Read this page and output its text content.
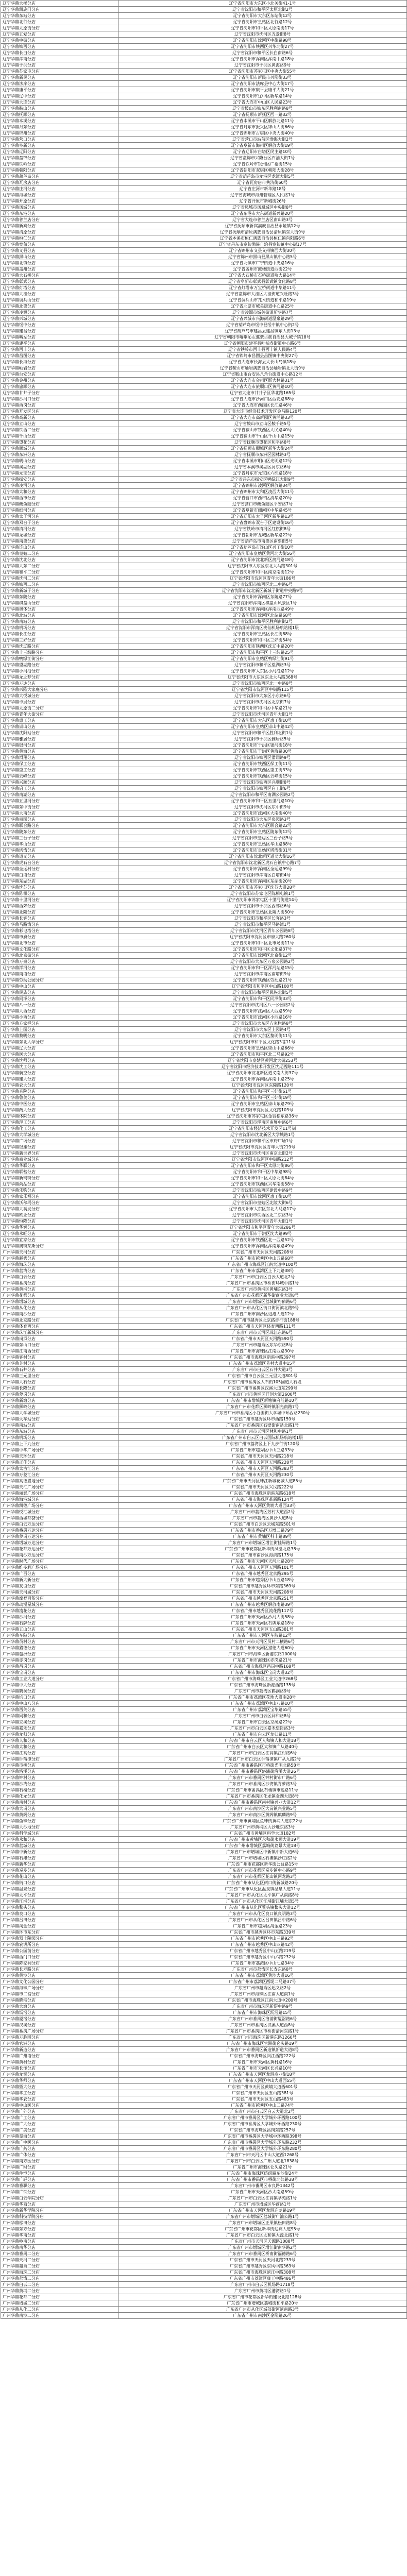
辽宁华鼎大楼分店	辽宁省沈阳市大东区小北关街41-1号
辽宁华鼎凯旋门分店	辽宁省沈阳市和平区太原北街2号
辽宁华鼎东站分店	辽宁省沈阳市大东区东站街12号
辽宁华鼎北行分店	辽宁省沈阳市皇姑区北行路12号
辽宁华鼎太原街分店	辽宁省沈阳市和平区太原南街17号
辽宁华鼎五爱分店	辽宁省沈阳市沈河区五爱街8号
辽宁华鼎中街分店	辽宁省沈阳市沈河区中街路98号
辽宁华鼎铁西分店	辽宁省沈阳市铁西区兴华北街27号
辽宁华鼎长白分店	辽宁省沈阳市和平区长白南路6号
辽宁华鼎浑南分店	辽宁省沈阳市浑南区浑南中路18号
辽宁华鼎于洪分店	辽宁省沈阳市于洪区黄海路9号
辽宁华鼎苏家屯分店	辽宁省沈阳市苏家屯区中央大街55号
辽宁华鼎新民分店	辽宁省沈阳市新民市兴隆街33号
辽宁华鼎法库分店	辽宁省沈阳市法库县中心大街17号
辽宁华鼎康平分店	辽宁省沈阳市康平县康平大街21号
辽宁华鼎辽中分店	辽宁省沈阳市辽中区新华路14号
辽宁华鼎大连分店	辽宁省大连市中山区人民路23号
辽宁华鼎鞍山分店	辽宁省鞍山市铁东区胜利南路8号
辽宁华鼎抚顺分店	辽宁省抚顺市新抚区西一路32号
辽宁华鼎本溪分店	辽宁省本溪市平山区解放北路11号
辽宁华鼎丹东分店	辽宁省丹东市振兴区锦山大街66号
辽宁华鼎锦州分店	辽宁省锦州市古塔区中央大街40号
辽宁华鼎营口分店	辽宁省营口市站前区渤海大街2号
辽宁华鼎阜新分店	辽宁省阜新市海州区解放大街19号
辽宁华鼎辽阳分店	辽宁省辽阳市白塔区民主路10号
辽宁华鼎盘锦分店	辽宁省盘锦市兴隆台区石油大街7号
辽宁华鼎铁岭分店	辽宁省铁岭市银州区广裕街15号
辽宁华鼎朝阳分店	辽宁省朝阳市双塔区朝阳大街28号
辽宁华鼎葫芦岛分店	辽宁省葫芦岛市龙港区龙湾大街5号
辽宁华鼎瓦房店分店	辽宁省瓦房店市共济街60号
辽宁华鼎庄河分店	辽宁省庄河市新华路18号
辽宁华鼎海城分店	辽宁省海城市海州管理区人民路1号
辽宁华鼎开原分店	辽宁省开原市新城街26号
辽宁华鼎凤城分店	辽宁省凤城市凤凰城区中央街8号
辽宁华鼎东港分店	辽宁省东港市大东街道新兴路20号
辽宁华鼎普兰店分店	辽宁省大连市普兰店区南山路3号
辽宁华鼎新宾分店	辽宁省抚顺市新宾满族自治县永陵镇12号
辽宁华鼎清原分店	辽宁省抚顺市清原满族自治县清原镇东大街9号
辽宁华鼎桓仁分店	辽宁省本溪市桓仁满族自治县桓仁镇向阳路6号
辽宁华鼎宽甸分店	辽宁省丹东市宽甸满族自治县宽甸镇中心街17号
辽宁华鼎义县分店	辽宁省锦州市义县义州镇西大街30号
辽宁华鼎黑山分店	辽宁省锦州市黑山县黑山镇中心路5号
辽宁华鼎北镇分店	辽宁省北镇市广宁街道中央路16号
辽宁华鼎盖州分店	辽宁省盖州市鼓楼街道西街22号
辽宁华鼎大石桥分店	辽宁省大石桥市石桥街道哈大路14号
辽宁华鼎彰武分店	辽宁省阜新市彰武县彰武镇文化路8号
辽宁华鼎灯塔分店	辽宁省灯塔市万宝桥街道中华路11号
辽宁华鼎大洼分店	辽宁省盘锦市大洼区大洼街道兴旺路3号
辽宁华鼎调兵山分店	辽宁省调兵山市兀术街道和平路19号
辽宁华鼎北票分店	辽宁省北票市城关街道中心路25号
辽宁华鼎凌源分店	辽宁省凌源市城关街道新华路7号
辽宁华鼎兴城分店	辽宁省兴城市兴海街道温泉路29号
辽宁华鼎绥中分店	辽宁省葫芦岛市绥中县绥中镇中心街2号
辽宁华鼎建昌分店	辽宁省葫芦岛市建昌县建昌镇东大街13号
辽宁华鼎喀左分店	辽宁省朝阳市喀喇沁左翼蒙古族自治县大城子镇18号
辽宁华鼎建平分店	辽宁省朝阳市建平县叶柏寿街道中心路6号
辽宁华鼎西丰分店	辽宁省铁岭市西丰县西丰镇人民路4号
辽宁华鼎昌图分店	辽宁省铁岭市昌图县昌图镇中央街27号
辽宁华鼎长海分店	辽宁省大连市长海县大长山岛镇18号
辽宁华鼎岫岩分店	辽宁省鞍山市岫岩满族自治县岫岩镇北大街9号
辽宁华鼎台安分店	辽宁省鞍山市台安县八角台街道中心路12号
辽宁华鼎金州分店	辽宁省大连市金州区斯大林路31号
辽宁华鼎旅顺分店	辽宁省大连市旅顺口区黄河路10号
辽宁华鼎甘井子分店	辽宁省大连市甘井子区华北路165号
辽宁华鼎沙河口分店	辽宁省大连市沙河口区西安路88号
辽宁华鼎西岗分店	辽宁省大连市西岗区长江路46号
辽宁华鼎开发区分店	辽宁省大连市经济技术开发区金马路120号
辽宁华鼎高新分店	辽宁省大连市高新园区黄浦路33号
辽宁华鼎立山分店	辽宁省鞍山市立山区鞍千路5号
辽宁华鼎铁西二分店	辽宁省鞍山市铁西区人民路40号
辽宁华鼎千山分店	辽宁省鞍山市千山区千山中路15号
辽宁华鼎望花分店	辽宁省抚顺市望花区和平路8号
辽宁华鼎顺城分店	辽宁省抚顺市顺城区新华大街24号
辽宁华鼎东洲分店	辽宁省抚顺市东洲区园林路3号
辽宁华鼎明山分店	辽宁省本溪市明山区光明路12号
辽宁华鼎溪湖分店	辽宁省本溪市溪湖区河东路6号
辽宁华鼎元宝分店	辽宁省丹东市元宝区六纬路18号
辽宁华鼎振安分店	辽宁省丹东市振安区鸭绿江大街9号
辽宁华鼎凌河分店	辽宁省锦州市凌河区解放路34号
辽宁华鼎太和分店	辽宁省锦州市太和区凌西大街11号
辽宁华鼎西市分店	辽宁省营口市西市区清华路20号
辽宁华鼎鲅鱼圈分店	辽宁省营口市鲅鱼圈区平安路7号
辽宁华鼎细河分店	辽宁省阜新市细河区中华路45号
辽宁华鼎太子河分店	辽宁省辽阳市太子河区新华路13号
辽宁华鼎双台子分店	辽宁省盘锦市双台子区建设街16号
辽宁华鼎清河分店	辽宁省铁岭市清河区红旗街8号
辽宁华鼎龙城分店	辽宁省朝阳市龙城区新华路22号
辽宁华鼎南票分店	辽宁省葫芦岛市南票区南票街5号
辽宁华鼎连山分店	辽宁省葫芦岛市连山区兴工街10号
辽宁华鼎皇姑二分店	辽宁省沈阳市皇姑区黄河北大街56号
辽宁华鼎沈北分店	辽宁省沈阳市沈北新区蒲河路18号
辽宁华鼎大东二分店	辽宁省沈阳市大东区东北大马路301号
辽宁华鼎和平二分店	辽宁省沈阳市和平区南京南街12号
辽宁华鼎沈河二分店	辽宁省沈阳市沈河区青年大街186号
辽宁华鼎铁西二分店	辽宁省沈阳市铁西区北二中路6号
辽宁华鼎新城子分店	辽宁省沈阳市沈北新区新城子街道中央路9号
辽宁华鼎东陵分店	辽宁省沈阳市浑南区东陵路77号
辽宁华鼎棋盘山分店	辽宁省沈阳市浑南区棋盘山风景区1号
辽宁华鼎奥体分店	辽宁省沈阳市浑南区浑南西路49号
辽宁华鼎北站分店	辽宁省沈阳市沈河区北站路68号
辽宁华鼎南站分店	辽宁省沈阳市和平区胜利南街2号
辽宁华鼎机场分店	辽宁省沈阳市浑南区桃仙机场航站楼1层
辽宁华鼎长江分店	辽宁省沈阳市皇姑区长江街88号
辽宁华鼎三好分店	辽宁省沈阳市和平区三好街54号
辽宁华鼎沈辽路分店	辽宁省沈阳市铁西区沈辽中路20号
辽宁华鼎十三纬路分店	辽宁省沈阳市和平区十三纬路25号
辽宁华鼎鸭绿江街分店	辽宁省沈阳市皇姑区鸭绿江街91号
辽宁华鼎望湖路分店	辽宁省沈阳市和平区望湖路3号
辽宁华鼎小河沿分店	辽宁省沈阳市大东区小河沿路12号
辽宁华鼎龙之梦分店	辽宁省沈阳市大东区东北大马路368号
辽宁华鼎万达分店	辽宁省沈阳市铁西区北一中路8号
辽宁华鼎兴隆大家庭分店	辽宁省沈阳市沈河区中街路115号
辽宁华鼎大悦城分店	辽宁省沈阳市大东区小东路6号
辽宁华鼎卓展分店	辽宁省沈阳市沈河区北京街7号
辽宁华鼎太原街二分店	辽宁省沈阳市和平区中华路21号
辽宁华鼎青年大街分店	辽宁省沈阳市沈河区青年大街1号
辽宁华鼎惠工分店	辽宁省沈阳市大东区惠工街10号
辽宁华鼎崇山分店	辽宁省沈阳市皇姑区崇山中路42号
辽宁华鼎沈阳站分店	辽宁省沈阳市和平区胜利北街1号
辽宁华鼎雅居分店	辽宁省沈阳市于洪区雅居路5号
辽宁华鼎银河分店	辽宁省沈阳市于洪区银河街18号
辽宁华鼎黄海分店	辽宁省沈阳市于洪区黄海路30号
辽宁华鼎滑翔分店	辽宁省沈阳市铁西区滑翔路9号
辽宁华鼎保工分店	辽宁省沈阳市铁西区保工街11号
辽宁华鼎重工分店	辽宁省沈阳市铁西区重工街33号
辽宁华鼎云峰分店	辽宁省沈阳市铁西区云峰街15号
辽宁华鼎兴顺分店	辽宁省沈阳市铁西区兴顺街8号
辽宁华鼎启工分店	辽宁省沈阳市铁西区启工街6号
辽宁华鼎南湖分店	辽宁省沈阳市和平区南湖公园路2号
辽宁华鼎五里河分店	辽宁省沈阳市和平区五里河路10号
辽宁华鼎东中街分店	辽宁省沈阳市沈河区东中街9号
辽宁华鼎大南分店	辽宁省沈阳市沈河区大南街40号
辽宁华鼎泉园分店	辽宁省沈阳市大东区泉园路3号
辽宁华鼎联合路分店	辽宁省沈阳市大东区联合路22号
辽宁华鼎陵东分店	辽宁省沈阳市皇姑区陵东街12号
辽宁华鼎三台子分店	辽宁省沈阳市皇姑区三台子路5号
辽宁华鼎华山分店	辽宁省沈阳市皇姑区华山路88号
辽宁华鼎塔湾分店	辽宁省沈阳市皇姑区塔湾街31号
辽宁华鼎道义分店	辽宁省沈阳市沈北新区道义大街16号
辽宁华鼎虎石台分店	辽宁省沈阳市沈北新区虎石台镇中心路7号
辽宁华鼎全运村分店	辽宁省沈阳市浑南区全运路99号
辽宁华鼎白塔分店	辽宁省沈阳市浑南区白塔街4号
辽宁华鼎东湖分店	辽宁省沈阳市浑南区东湖街20号
辽宁华鼎沈苏分店	辽宁省沈阳市苏家屯区沈苏大道28号
辽宁华鼎陈相分店	辽宁省沈阳市苏家屯区陈相屯镇1号
辽宁华鼎十里河分店	辽宁省沈阳市苏家屯区十里河街道14号
辽宁华鼎西郊分店	辽宁省沈阳市于洪区西郊路6号
辽宁华鼎北陵分店	辽宁省沈阳市皇姑区北陵大街50号
辽宁华鼎长客分店	辽宁省沈阳市和平区长客路3号
辽宁华鼎马路湾分店	辽宁省沈阳市和平区马路湾1号
辽宁华鼎彩电塔分店	辽宁省沈阳市沈河区青年公园路8号
辽宁华鼎市府分店	辽宁省沈阳市沈河区市府大路260号
辽宁华鼎北市分店	辽宁省沈阳市和平区北市场街11号
辽宁华鼎文化路分店	辽宁省沈阳市和平区文化路37号
辽宁华鼎北京街分店	辽宁省沈阳市沈河区北京街12号
辽宁华鼎万泉分店	辽宁省沈阳市大东区万泉公园路2号
辽宁华鼎浑河分店	辽宁省沈阳市和平区浑河站路15号
辽宁华鼎南塔分店	辽宁省沈阳市浑南区南塔街9号
辽宁华鼎劳动公园分店	辽宁省沈阳市铁西区劳动路21号
辽宁华鼎中山分店	辽宁省沈阳市和平区中山路100号
辽宁华鼎民族分店	辽宁省沈阳市和平区民族北街5号
辽宁华鼎同泽分店	辽宁省沈阳市和平区同泽街33号
辽宁华鼎八一分店	辽宁省沈阳市沈河区八一公园路2号
辽宁华鼎大西分店	辽宁省沈阳市沈河区大西路59号
辽宁华鼎小西分店	辽宁省沈阳市沈河区小西路16号
辽宁华鼎方家栏分店	辽宁省沈阳市大东区方家栏路8号
辽宁华鼎上园分店	辽宁省沈阳市大东区上园路4号
辽宁华鼎黎明分店	辽宁省沈阳市大东区黎明街11号
辽宁华鼎东北大学分店	辽宁省沈阳市和平区文化路3巷11号
辽宁华鼎辽大分店	辽宁省沈阳市皇姑区崇山中路66号
辽宁华鼎医大分店	辽宁省沈阳市和平区北二马路92号
辽宁华鼎沈师分店	辽宁省沈阳市皇姑区黄河北大街253号
辽宁华鼎沈工分店	辽宁省沈阳市经济技术开发区沈辽西路111号
辽宁华鼎航空分店	辽宁省沈阳市沈北新区道义南大街37号
辽宁华鼎建大分店	辽宁省沈阳市浑南区浑南中路25号
辽宁华鼎农大分店	辽宁省沈阳市沈河区东陵路120号
辽宁华鼎音院分店	辽宁省沈阳市和平区三好街61号
辽宁华鼎鲁美分店	辽宁省沈阳市和平区三好街19号
辽宁华鼎中医分店	辽宁省沈阳市皇姑区崇山东路79号
辽宁华鼎药大分店	辽宁省沈阳市沈河区文化路103号
辽宁华鼎体院分店	辽宁省沈阳市苏家屯区金钱松东路36号
辽宁华鼎理工分店	辽宁省沈阳市浑南区南屏中路6号
辽宁华鼎化工分店	辽宁省沈阳市经济技术开发区11号街
辽宁华鼎大学城分店	辽宁省沈阳市沈北新区大学城路1号
辽宁华鼎广场分店	辽宁省沈阳市和平区市府广场1号
辽宁华鼎银座分店	辽宁省沈阳市沈河区青年大街219号
辽宁华鼎新世界分店	辽宁省沈阳市沈河区南京北街2号
辽宁华鼎商业城分店	辽宁省沈阳市沈河区中街路212号
辽宁华鼎华联分店	辽宁省沈阳市和平区太原北街86号
辽宁华鼎联营分店	辽宁省沈阳市和平区中华路98号
辽宁华鼎新玛特分店	辽宁省沈阳市和平区太原北街84号
辽宁华鼎尚品分店	辽宁省沈阳市铁西区兴华南街58号
辽宁华鼎乐购分店	辽宁省沈阳市铁西区建设中路9号
辽宁华鼎家乐福分店	辽宁省沈阳市沈河区惠工街10号
辽宁华鼎沃尔玛分店	辽宁省沈阳市皇姑区北陵大街6号
辽宁华鼎大润发分店	辽宁省沈阳市大东区东北大马路17号
辽宁华鼎欧亚分店	辽宁省沈阳市铁西区北二东路3号
辽宁华鼎恒隆分店	辽宁省沈阳市沈河区青年大街1号
辽宁华鼎华润分店	辽宁省沈阳市和平区青年大街286号
辽宁华鼎永旺分店	辽宁省沈阳市于洪区沈大路99号
辽宁华鼎宜家分店	辽宁省沈阳市铁西区北一西路52号
辽宁华鼎奥特莱斯分店	辽宁省沈阳市浑南区浑南东路49号
广州华鼎天河分店	广东省广州市天河区天河路208号
广州华鼎越秀分店	广东省广州市越秀区中山五路68号
广州华鼎海珠分店	广东省广州市海珠区江南大道中100号
广州华鼎荔湾分店	广东省广州市荔湾区上下九路38号
广州华鼎白云分店	广东省广州市白云区白云大道北2号
广州华鼎番禺分店	广东省广州市番禺区市桥街环城中路1号
广州华鼎黄埔分店	广东省广州市黄埔区黄埔东路3号
广州华鼎花都分店	广东省广州市花都区新华街商业大道8号
广州华鼎增城分店	广东省广州市增城区荔城街府佑路6号
广州华鼎从化分店	广东省广州市从化区街口街河滨北路9号
广州华鼎南沙分店	广东省广州市南沙区进港大道12号
广州华鼎北京路分店	广东省广州市越秀区北京路步行街188号
广州华鼎体育西分店	广东省广州市天河区体育西路111号
广州华鼎珠江新城分店	广东省广州市天河区珠江东路6号
广州华鼎岗顶分店	广东省广州市天河区天河路590号
广州华鼎东山口分店	广东省广州市越秀区东华东路8号
广州华鼎江南西分店	广东省广州市海珠区江南西路30号
广州华鼎客村分店	广东省广州市海珠区新港中路397号
广州华鼎芳村分店	广东省广州市荔湾区芳村大道中15号
广州华鼎石井分店	广东省广州市白云区石井大道3号
广州华鼎三元里分店	广东省广州市白云区三元里大道801号
广州华鼎大石分店	广东省广州市番禺区大石街105国道大石段
广州华鼎长隆分店	广东省广州市番禺区汉溪大道东299号
广州华鼎萝岗分店	广东省广州市黄埔区开创大道2600号
广州华鼎新塘分店	广东省广州市增城区新塘镇府前路10号
广州华鼎狮岭分店	广东省广州市花都区狮岭镇阳光南路7号
广州华鼎大学城分店	广东省广州市番禺区小谷围街大学城中环西路230号
广州华鼎火车站分店	广东省广州市越秀区环市西路159号
广州华鼎南站分店	广东省广州市番禺区石壁街南站北路1号
广州华鼎东站分店	广东省广州市天河区林和中路1号
广州华鼎机场分店	广东省广州市白云区白云国际机场航站楼1层
广州华鼎上下九分店	广东省广州市荔湾区上下九步行街120号
广州华鼎中华广场分店	广东省广州市越秀区中山三路33号
广州华鼎天环分店	广东省广州市天河区天河路218号
广州华鼎正佳分店	广东省广州市天河区天河路228号
广州华鼎太古汇分店	广东省广州市天河区天河路383号
广州华鼎万菱汇分店	广东省广州市天河区天河路230号
广州华鼎高德置地分店	广东省广州市天河区珠江新城花城大道85号
广州华鼎天汇广场分店	广东省广州市天河区兴民路222号
广州华鼎丽影广场分店	广东省广州市海珠区新港东路618号
广州华鼎海港城分店	广东省广州市海珠区革新路124号
广州华鼎凯德广场分店	广东省广州市天河区黄埔大道西33号
广州华鼎悦汇城分店	广东省广州市荔湾区芳村大道西2号
广州华鼎西城都荟分店	广东省广州市荔湾区黄沙大道8号
广州华鼎白云万达分店	广东省广州市白云区云城东路501号
广州华鼎番禺万达分店	广东省广州市番禺区万博二路79号
广州华鼎萝岗万达分店	广东省广州市黄埔区科丰路89号
广州华鼎增城万达分店	广东省广州市增城区增江街挂绿路1号
广州华鼎花都万达分店	广东省广州市花都区新华街凤凰北路38号
广州华鼎南沙万达分店	广东省广州市南沙区海滨路175号
广州华鼎时代广场分店	广东省广州市天河区天河北路28号
广州华鼎维多利广场分店	广东省广州市天河区天河路101号
广州华鼎广百分店	广东省广州市越秀区北京路295号
广州华鼎新大新分店	广东省广州市越秀区中山五路18号
广州华鼎友谊分店	广东省广州市越秀区环市东路369号
广州华鼎天河城分店	广东省广州市天河区天河路208号
广州华鼎摩登百货分店	广东省广州市越秀区北京路251号
广州华鼎动漫星城分店	广东省广州市越秀区解放南路39号
广州华鼎流花分店	广东省广州市越秀区流花路117号
广州华鼎沙河分店	广东省广州市天河区沙河大街58号
广州华鼎石牌分店	广东省广州市天河区石牌东路18号
广州华鼎五山分店	广东省广州市天河区五山路381号
广州华鼎车陂分店	广东省广州市天河区车陂路12号
广州华鼎员村分店	广东省广州市天河区员村二横路6号
广州华鼎猎德分店	广东省广州市天河区猎德大道60号
广州华鼎琶洲分店	广东省广州市海珠区新港东路1000号
广州华鼎赤岗分店	广东省广州市海珠区赤岗路21号
广州华鼎昌岗分店	广东省广州市海珠区昌岗中路168号
广州华鼎宝岗分店	广东省广州市海珠区宝岗大道32号
广州华鼎工业大道分店	广东省广州市海珠区工业大道中268号
广州华鼎中大分店	广东省广州市海珠区新港西路135号
广州华鼎鹤洞分店	广东省广州市荔湾区鹤洞路9号
广州华鼎坑口分店	广东省广州市荔湾区花地大道南28号
广州华鼎中山八分店	广东省广州市荔湾区中山八路10号
广州华鼎西关分店	广东省广州市荔湾区宝华路55号
广州华鼎同和分店	广东省广州市白云区同和路8号
广州华鼎京溪分店	广东省广州市白云区京溪路22号
广州华鼎嘉禾分店	广东省广州市白云区嘉禾望岗路3号
广州华鼎龙归分店	广东省广州市白云区龙归路11号
广州华鼎人和分店	广东省广州市白云区人和镇人和大道18号
广州华鼎太和分店	广东省广州市白云区太和镇广从路40号
广州华鼎江高分店	广东省广州市白云区江高镇江村路6号
广州华鼎钟落潭分店	广东省广州市白云区钟落潭镇广从九路2号
广州华鼎市桥分店	广东省广州市番禺区市桥街光明北路58号
广州华鼎洛溪分店	广东省广州市番禺区洛浦街洛溪大道26号
广州华鼎钟村分店	广东省广州市番禺区钟村街市广路6号
广州华鼎沙湾分店	广东省广州市番禺区沙湾镇青萝路3号
广州华鼎石楼分店	广东省广州市番禺区石楼镇市莲路11号
广州华鼎化龙分店	广东省广州市番禺区化龙镇金湖大道8号
广州华鼎南村分店	广东省广州市番禺区南村镇兴业大道12号
广州华鼎大岗分店	广东省广州市南沙区大岗镇兴业路5号
广州华鼎黄阁分店	广东省广州市南沙区黄阁镇麒麟路9号
广州华鼎鱼珠分店	广东省广州市黄埔区鱼珠街黄埔大道东22号
广州华鼎大沙地分店	广东省广州市黄埔区大沙地东路3号
广州华鼎科学城分店	广东省广州市黄埔区科学大道182号
广州华鼎永和分店	广东省广州市黄埔区永和街永顺大道19号
广州华鼎荔城分店	广东省广州市增城区荔城街荔景大道18号
广州华鼎中新分店	广东省广州市增城区中新镇中新大道6号
广州华鼎石滩分店	广东省广州市增城区石滩镇沙庄路2号
广州华鼎新华分店	广东省广州市花都区新华街公益路15号
广州华鼎炭步分店	广东省广州市花都区炭步镇中心路9号
广州华鼎花山分店	广东省广州市花都区花山镇两龙路3号
广州华鼎街口分店	广东省广州市从化区街口街新城路20号
广州华鼎温泉分店	广东省广州市从化区温泉镇温泉大道11号
广州华鼎太平分店	广东省广州市从化区太平镇广从南路8号
广州华鼎江埔分店	广东省广州市从化区江埔街江埔大道5号
广州华鼎鳌头分店	广东省广州市从化区鳌头镇鳌头大道12号
广州华鼎良口分店	广东省广州市从化区良口镇良明路3号
广州华鼎吕田分店	广东省广州市从化区吕田镇吕中路6号
广州华鼎淘金分店	广东省广州市越秀区淘金路23号
广州华鼎环市东分店	广东省广州市越秀区环市东路339号
广州华鼎烈士陵园分店	广东省广州市越秀区中山三路92号
广州华鼎农讲所分店	广东省广州市越秀区中山四路42号
广州华鼎公园前分店	广东省广州市越秀区中山五路219号
广州华鼎西门口分店	广东省广州市越秀区中山六路232号
广州华鼎陈家祠分店	广东省广州市荔湾区中山七路34号
广州华鼎长寿路分店	广东省广州市荔湾区长寿东路8号
广州华鼎黄沙分店	广东省广州市荔湾区黄沙大道16号
广州华鼎文化公园分店	广东省广州市荔湾区西堤二马路37号
广州华鼎海珠广场分店	广东省广州市越秀区起义路2号
广州华鼎市二宫分店	广东省广州市海珠区江南大道南1号
广州华鼎晓港分店	广东省广州市海珠区江南大道中200号
广州华鼎大塘分店	广东省广州市海珠区新滘中路9号
广州华鼎沥滘分店	广东省广州市海珠区沥滘路15号
广州华鼎厦滘分店	广东省广州市番禺区洛浦街厦滘路6号
广州华鼎汉溪分店	广东省广州市番禺区汉溪大道西8号
广州华鼎番禺广场分店	广东省广州市番禺区市桥街清河东路1号
广州华鼎万胜围分店	广东省广州市海珠区新港东路1260号
广州华鼎官洲分店	广东省广州市海珠区官洲街仑头路19号
广州华鼎新造分店	广东省广州市番禺区新造镇新造大道8号
广州华鼎广州塔分店	广东省广州市海珠区阅江西路222号
广州华鼎黄村分店	广东省广州市天河区黄村路16号
广州华鼎长湴分店	广东省广州市天河区长兴路10号
广州华鼎龙洞分店	广东省广州市天河区龙洞商业街18号
广州华鼎华师分店	广东省广州市天河区中山大道西55号
广州华鼎暨大分店	广东省广州市天河区黄埔大道西601号
广州华鼎华工分店	广东省广州市天河区五山路381号
广州华鼎华农分店	广东省广州市天河区五山路483号
广州华鼎中山医分店	广东省广州市越秀区中山二路74号
广州华鼎广外分店	广东省广州市白云区白云大道北2号
广州华鼎广工分店	广东省广州市番禺区大学城外环西路100号
广州华鼎广大分店	广东省广州市番禺区大学城外环西路230号
广州华鼎广美分店	广东省广州市海珠区昌岗东路257号
广州华鼎星海分店	广东省广州市番禺区大学城中环西路398号
广州华鼎广中医分店	广东省广州市番禺区大学城外环东路232号
广州华鼎广药分店	广东省广州市番禺区大学城外环东路280号
广州华鼎广体分店	广东省广州市天河区中山大道西1268号
广州华鼎南方医分店	广东省广州市白云区广州大道北1838号
广州华鼎广财分店	广东省广州市海珠区仑头路21号
广州华鼎仲恺分店	广东省广州市海珠区纺织路东沙街24号
广州华鼎广轻分店	广东省广州市番禺区市桥街北郊路38号
广州华鼎番职分店	广东省广州市番禺区市良路1342号
广州华鼎广铁分店	广东省广州市天河区沙太南路59号
广州华鼎白云学院分店	广东省广州市白云区江高镇学苑路1号
广州华鼎华商分店	广东省广州市增城区华商路1号
广州华鼎新华学院分店	广东省广州市天河区龙洞迎龙路19号
广州华鼎科技学院分店	广东省广州市增城区荔城街广汕公路1号
广州华鼎松田分店	广东省广州市增城区正果镇松田路8号
广州华鼎东方分店	广东省广州市花都区新华街迎宾大道95号
广州华鼎华南分店	广东省广州市白云区太和镇大源北路1号
广州华鼎岭南分店	广东省广州市天河区天源路1088号
广州华鼎南华分店	广东省广州市增城区增江街南华路2号
广州华鼎番禺二分店	广东省广州市番禺区桥南街福德路6号
广州华鼎天河二分店	广东省广州市天河区天河北路233号
广州华鼎越秀二分店	广东省广州市越秀区东风中路363号
广州华鼎海珠二分店	广东省广州市海珠区滨江中路308号
广州华鼎荔湾二分店	广东省广州市荔湾区康王中路486号
广州华鼎白云二分店	广东省广州市白云区机场路1718号
广州华鼎黄埔二分店	广东省广州市黄埔区港湾路1号
广州华鼎花都二分店	广东省广州市花都区新华街建设北路128号
广州华鼎增城二分店	广东省广州市增城区荔城街和平路20号
广州华鼎从化二分店	广东省广州市从化区城郊街河滨南路3号
广州华鼎南沙二分店	广东省广州市南沙区金隆路26号
